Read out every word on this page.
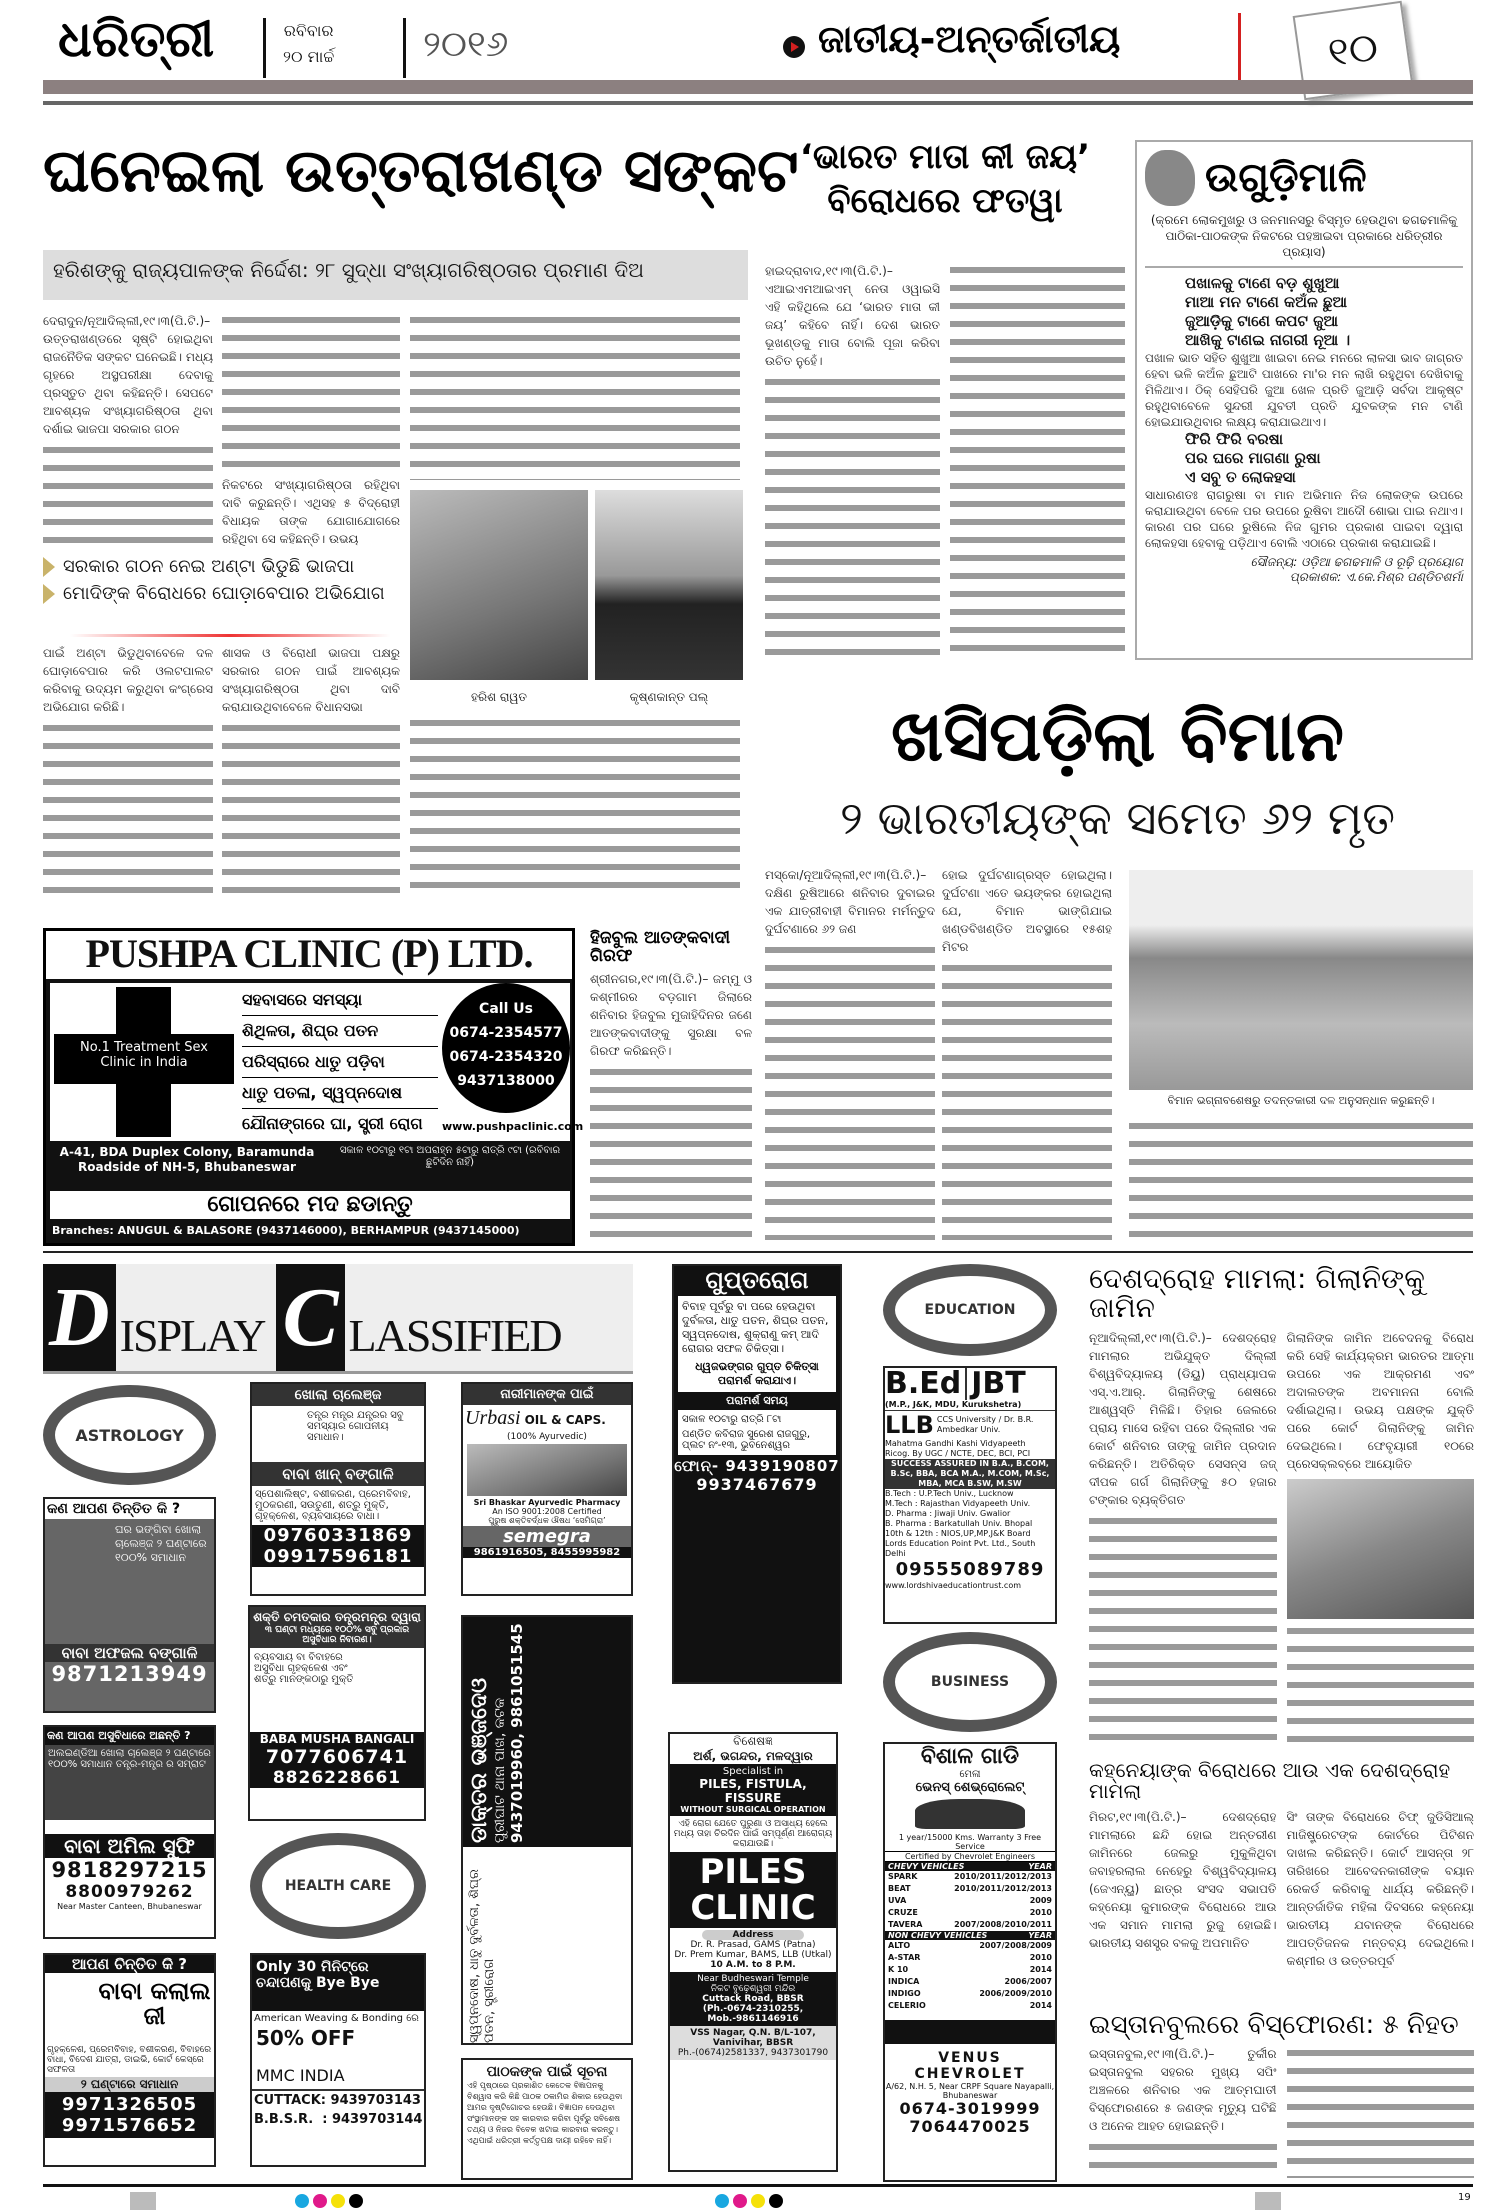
ଧରିତ୍ରୀ	ରବିବାର
୨୦ ମାର୍ଚ୍ଚ ୨୦୧୬	ଜାତୀୟ-ଅନ୍ତର୍ଜାତୀୟ	୧୦
ଘନେଇଲା ଉତ୍ତରାଖଣ୍ଡ ସଙ୍କଟ
ହରିଶଙ୍କୁ ରାଜ୍ୟପାଳଙ୍କ ନିର୍ଦ୍ଦେଶ: ୨୮ ସୁଦ୍ଧା ସଂଖ୍ୟାଗରିଷ୍ଠତାର ପ୍ରମାଣ ଦିଅ

ଦେରାଦୁନ/ନୂଆଦିଲ୍ଲୀ,୧୯।୩(ପି.ଟି.)– ଉତ୍ତରାଖଣ୍ଡରେ ସୃଷ୍ଟି ହୋଇଥିବା ରାଜନୈତିକ ସଙ୍କଟ ଘନେଇଛି। ମଧ୍ୟ ଗୃହରେ ଅସ୍ଥପରୀକ୍ଷା ଦେବାକୁ ପ୍ରସ୍ତୁତ ଥିବା କହିଛନ୍ତି। ସେପଟେ ଆବଶ୍ୟକ ସଂଖ୍ୟାଗରିଷ୍ଠତା ଥିବା ଦର୍ଶାଇ ଭାଜପା ସରକାର ଗଠନ

ନିକଟରେ ସଂଖ୍ୟାଗରିଷ୍ଠତା ରହିଥିବା ଦାବି କରୁଛନ୍ତି। ଏଥିସହ ୫ ବିଦ୍ରୋହୀ ବିଧାୟକ ତାଙ୍କ ଯୋଗାଯୋଗରେ ରହିଥିବା ସେ କହିଛନ୍ତି। ଉଭୟ

ସରକାର ଗଠନ ନେଇ ଅଣ୍ଟା ଭିଡୁଛି ଭାଜପା
ମୋଦିଙ୍କ ବିରୋଧରେ ଘୋଡ଼ାବେପାର ଅଭିଯୋଗ

ପାଇଁ ଅଣ୍ଟା ଭିଡୁଥିବାବେଳେ ଦଳ ଘୋଡ଼ାବେପାର କରି ଓଲଟପାଲଟ କରିବାକୁ ଉଦ୍ୟମ କରୁଥିବା କଂଗ୍ରେସ ଅଭିଯୋଗ କରିଛି।

ଶାସକ ଓ ବିରୋଧୀ ଭାଜପା ପକ୍ଷରୁ ସରକାର ଗଠନ ପାଇଁ ଆବଶ୍ୟକ ସଂଖ୍ୟାଗରିଷ୍ଠତା ଥିବା ଦାବି କରାଯାଉଥିବାବେଳେ ବିଧାନସଭା

ହରିଶ ରାୱତ	କୃଷ୍ଣକାନ୍ତ ପଲ୍
‘ଭାରତ ମାତା କୀ ଜୟ’
ବିରୋଧରେ ଫତୱା

ହାଇଦ୍ରାବାଦ,୧୯।୩(ପି.ଟି.)– ଏଆଇଏମଆଇଏମ୍ ନେତା ଓୱାଇସି ଏହି କହିଥିଲେ ଯେ ‘ଭାରତ ମାତା କୀ ଜୟ’ କହିବେ ନାହିଁ। ଦେଶ ଭାରତ ଭୂଖଣ୍ଡକୁ ମାତା ବୋଲି ପୂଜା କରିବା ଉଚିତ ନୁହେଁ।

ଉଗୁଡ଼ିମାଳି
(କ୍ରମେ ଲୋକମୁଖରୁ ଓ ଜନମାନସରୁ ବିସ୍ମୃତ ହେଉଥିବା ଢଗଢମାଳିକୁ ପାଠିକା-ପାଠକଙ୍କ ନିକଟରେ ପହଞ୍ଚାଇବା ପ୍ରକାରେ ଧରିତ୍ରୀର ପ୍ରୟାସ)
ପଖାଳକୁ ଟାଣେ ବଡ଼ ଶୁଖୁଆ
ମାଆ ମନ ଟାଣେ କଅଁଳ ଛୁଆ
ଜୁଆଡ଼ିକୁ ଟାଣେ କପଟ ଜୁଆ
ଆଖିକୁ ଟାଣଇ ନାଗରୀ ନୂଆ ।

ପଖାଳ ଭାତ ସହିତ ଶୁଖୁଆ ଖାଇବା ନେଇ ମନରେ ଲାଳସା ଭାବ ଜାଗ୍ରତ ହେବା ଭଳି କଅଁଳ ଛୁଆଟି ପାଖରେ ମା'ର ମନ ଲାଖି ରହୁଥିବା ଦେଖିବାକୁ ମିଳିଥାଏ। ଠିକ୍ ସେହିପରି ଜୁଆ ଖେଳ ପ୍ରତି ଜୁଆଡ଼ି ସର୍ବଦା ଆକୃଷ୍ଟ ରହୁଥିବାବେଳେ ସୁନ୍ଦରୀ ଯୁବତୀ ପ୍ରତି ଯୁବକଙ୍କ ମନ ଟାଣି ହୋଇଯାଉଥିବାର ଲକ୍ଷ୍ୟ କରାଯାଇଥାଏ।

ଫିରି ଫିରି ବରଷା
ପର ଘରେ ମାଗଣା ରୁଷା
ଏ ସବୁ ତ ଲୋକହସା

ସାଧାରଣତଃ ରାଗରୁଷା ବା ମାନ ଅଭିମାନ ନିଜ ଲୋକଙ୍କ ଉପରେ କରାଯାଉଥିବା ବେଳେ ପର ଉପରେ ରୁଷିବା ଆଦୌ ଶୋଭା ପାଇ ନଥାଏ। କାରଣ ପର ଘରେ ରୁଷିଲେ ନିଜ ଗୁମର ପ୍ରକାଶ ପାଇବା ଦ୍ୱାରା ଲୋକହସା ହେବାକୁ ପଡ଼ିଥାଏ ବୋଲି ଏଠାରେ ପ୍ରକାଶ କରାଯାଇଛି।

ସୌଜନ୍ୟ: ଓଡ଼ିଆ ଢଗଢମାଳି ଓ ରୂଢ଼ି ପ୍ରୟୋଗ
ପ୍ରକାଶକ: ଏ.କେ.ମିଶ୍ର ପଣ୍ଡିତଶର୍ମା
ଖସିପଡ଼ିଲା ବିମାନ
୨ ଭାରତୀୟଙ୍କ ସମେତ ୬୨ ମୃତ

ମସ୍କୋ/ନୂଆଦିଲ୍ଲୀ,୧୯।୩(ପି.ଟି.)– ଦକ୍ଷିଣ ରୁଷିଆରେ ଶନିବାର ଦୁବାଇର ଏକ ଯାତ୍ରୀବାହୀ ବିମାନର ମର୍ମନ୍ତୁଦ ଦୁର୍ଘଟଣାରେ ୬୨ ଜଣ

ହୋଇ ଦୁର୍ଘଟଣାଗ୍ରସ୍ତ ହୋଇଥିଲା। ଦୁର୍ଘଟଣା ଏତେ ଭୟଙ୍କର ହୋଇଥିଲା ଯେ, ବିମାନ ଭାଙ୍ଗିଯାଇ ଖଣ୍ଡବିଖଣ୍ଡିତ ଅବସ୍ଥାରେ ୧୫ଶହ ମିଟର

ବିମାନ ଭଗ୍ନାବଶେଷରୁ ତଦନ୍ତକାରୀ ଦଳ ଅନୁସନ୍ଧାନ କରୁଛନ୍ତି।
PUSHPA CLINIC (P) LTD.
No.1 Treatment Sex Clinic in India
ସହବାସରେ ସମସ୍ୟା
ଶିଥିଳତା, ଶିଘ୍ର ପତନ
ପରିସ୍ରାରେ ଧାତୁ ପଡ଼ିବା
ଧାତୁ ପତଳା, ସ୍ୱପ୍ନଦୋଷ
ଯୌନାଙ୍ଗରେ ଘା, ସ୍ତ୍ରୀ ରୋଗ
Call Us
0674-2354577
0674-2354320
9437138000
www.pushpaclinic.com
A-41, BDA Duplex Colony, Baramunda Roadside of NH-5, Bhubaneswar
ସକାଳ ୧୦ଟାରୁ ୧ଟା ଅପରାହ୍ନ ୫ଟାରୁ ରାତ୍ରି ୯ଟା (ରବିବାର ଛୁଟିଦିନ ନାହିଁ)
ଗୋପନରେ ମଦ ଛଡାନ୍ତୁ
Branches: ANUGUL & BALASORE (9437146000), BERHAMPUR (9437145000)
ହିଜବୁଲ ଆତଙ୍କବାଦୀ ଗିରଫ

ଶ୍ରୀନଗର,୧୯।୩(ପି.ଟି.)– ଜମ୍ମୁ ଓ କଶ୍ମୀରର ବଡ଼ଗାମ ଜିଲାରେ ଶନିବାର ହିଜବୁଲ ମୁଜାହିଦିନର ଜଣେ ଆତଙ୍କବାଦୀଙ୍କୁ ସୁରକ୍ଷା ବଳ ଗିରଫ କରିଛନ୍ତି।

D ISPLAY C LASSIFIED
ASTROLOGY
କଣ ଆପଣ ଚିନ୍ତିତ କି ?
ଘର ଭଙ୍ଗିବା ଖୋଲା ଚାଲେଞ୍ଜ ୨ ଘଣ୍ଟାରେ ୧୦୦% ସମାଧାନ
ବାବା ଅଫଜଲ ବଙ୍ଗାଳି
9871213949
କଣ ଆପଣ ଅସୁବିଧାରେ ଅଛନ୍ତି ?
ଅଲଇଣ୍ଡିଆ ଖୋଲା ଚାଲେଞ୍ଜ ୨ ଘଣ୍ଟାରେ ୧୦୦% ସମାଧାନ ତନ୍ତ୍ର-ମନ୍ତ୍ର ର ସମ୍ରାଟ
ବାବା ଅମିଲ ସୁଫି
9818297215
8800979262
Near Master Canteen, Bhubaneswar
ଆପଣ ଚିନ୍ତିତ କି ?
ବାବା କଲାଲ ଜୀ
ଗୃହକ୍ଳେଶ, ପ୍ରେମବିବାହ, ବଶୀକରଣ, ବିବାହରେ ବାଧା, ବିଦେଶ ଯାତ୍ରା, ଡାଇଭି, କୋର୍ଟ କେସ୍‌ରେ ସଫଳତା
୨ ଘଣ୍ଟାରେ ସମାଧାନ
9971326505
9971576652
ଖୋଲା ଚାଲେଞ୍ଜ
ତନ୍ତ୍ର ମନ୍ତ୍ର ଯନ୍ତ୍ରର ସବୁ ସମସ୍ୟାର ଗୋପନୀୟ ସମାଧାନ।
ବାବା ଖାନ୍ ବଙ୍ଗାଳି
ସ୍ପେଶାଲିଷ୍ଟ, ବଶୀକରଣ, ପ୍ରେମବିବାହ, ମୁଠକରଣୀ, ସଉତୁଣୀ, ଶତ୍ରୁ ମୁକ୍ତି, ଗୃହକ୍ଳେଶ, ବ୍ୟବସାୟରେ ବାଧା।
09760331869
09917596181
ଶକ୍ତି ଚମତ୍କାର ତନ୍ତ୍ରମନ୍ତ୍ର ଦ୍ୱାରା
୩ ଘଣ୍ଟା ମଧ୍ୟରେ ୧୦୦% ସବୁ ପ୍ରକାର ଅସୁବିଧାର ନିବାରଣ।
ବ୍ୟବସାୟ ବା ବିବାହରେ ଅସୁବିଧା ଗୃହକ୍ଳେଶ ଏବଂ ଶତ୍ରୁ ମାନଙ୍କଠାରୁ ମୁକ୍ତି
BABA MUSHA BANGALI
7077606741
8826228661
HEALTH CARE
Only 30 ମିନିଟ୍‌ରେ ଚନ୍ଦାପଣକୁ Bye Bye
American Weaving & Bonding ରେ
50% OFF
MMC INDIA
CUTTACK: 9439703143
B.B.S.R.  : 9439703144
ନାରୀମାନଙ୍କ ପାଇଁ
Urbasi OIL & CAPS.
(100% Ayurvedic)
Sri Bhaskar Ayurvedic Pharmacy
An ISO 9001:2008 Certified
ପୁରୁଷ ଶକ୍ତିବର୍ଦ୍ଧକ ଔଷଧ ‘ସେମିଗ୍ରା’
semegra
9861916505, 8455995982
ସ୍ୱପ୍ନଦୋଷ, ଧାତୁ ଦୁର୍ବଳତା, ଶିଘ୍ର ପତନ, ସ୍ତ୍ରୀରୋଗ
ଡାକ୍ତର ଭଞ୍ଜଦେଓ ପୁରୀଘାଟ ଥାନା ପାଖ, କଟକ 9437019960, 9861051545
ପାଠକଙ୍କ ପାଇଁ ସୂଚନା
ଏହି ପୃଷ୍ଠାରେ ପ୍ରକାଶିତ କେତେକ ବିଜ୍ଞାପନକୁ ବିଶ୍ୱାସ କରି କିଛି ପାଠକ ଠକାମିର ଶିକାର ହେଉଥିବା ଆମର ଦୃଷ୍ଟିଗୋଚର ହେଉଛି। ବିଜ୍ଞାପନ ଦେଉଥିବା ସଂସ୍ଥାମାନଙ୍କ ସହ କାରବାର କରିବା ପୂର୍ବରୁ ସବିଶେଷ ତଥ୍ୟ ଓ ନିଜର ବିବେକ ଖଟାଇ କାରବାର କରନ୍ତୁ। ଏଥିପାଇଁ ଧରିତ୍ରୀ କର୍ତ୍ତୃପକ୍ଷ ଦାୟୀ ରହିବେ ନାହିଁ।
ଗୁପ୍ତରୋଗ
ବିବାହ ପୂର୍ବରୁ ବା ପରେ ହେଉଥିବା ଦୁର୍ବଳତା, ଧାତୁ ପତନ, ଶିଘ୍ର ପତନ, ସ୍ୱପ୍ନଦୋଷ, ଶୁକ୍ରାଣୁ କମ୍ ଆଦି ରୋଗର ସଫଳ ଚିକିତ୍ସା।
ଧ୍ୱଜଭଙ୍ଗର ଗୁପ୍ତ ଚିକିତ୍ସା ପରାମର୍ଶ କରାଯାଏ।
ପରାମର୍ଶ ସମୟ
ସକାଳ ୧୦ଟାରୁ ରାତ୍ରି ୮ଟା
ପଣ୍ଡିତ କବିରାଜ ସୁରେଶ ରାଜଗୁରୁ, ପ୍ଲଟ ନଂ-୧୩, ଭୁବନେଶ୍ୱର
ଫୋନ୍- 9439190807
9937467679
ବିଶେଷଜ୍ଞ
ଅର୍ଶ, ଭଗନ୍ଦର, ମଳଦ୍ୱାର
Specialist in
PILES, FISTULA, FISSURE
WITHOUT SURGICAL OPERATION
ଏହି ରୋଗ ଯେତେ ପୁରୁଣା ଓ ଅସାଧ୍ୟ ହେଲେ ମଧ୍ୟ ତାହା ଚିରଦିନ ପାଇଁ ସମ୍ପୂର୍ଣ୍ଣ ଆରୋଗ୍ୟ କରାଯାଉଛି।
PILES
CLINIC
Address
Dr. R. Prasad, GAMS (Patna)
Dr. Prem Kumar, BAMS, LLB (Utkal)
10 A.M. to 8 P.M.
Near Budheswari Temple
ନିକଟ ବୁଢ଼େଶ୍ୱରୀ ମନ୍ଦିର
Cuttack Road, BBSR
(Ph.-0674-2310255, Mob.-9861146916
VSS Nagar, Q.N. B/L-107, Vanivihar, BBSR
Ph.-(0674)2581337, 9437301790
EDUCATION
B.Ed JBT
(M.P., J&K, MDU, Kurukshetra)
LLB CCS University / Dr. B.R. Ambedkar Univ.
Mahatma Gandhi Kashi Vidyapeeth
Ricog. By UGC / NCTE, DEC, BCI, PCI
SUCCESS ASSURED IN B.A., B.COM, B.Sc, BBA, BCA M.A., M.COM, M.Sc, MBA, MCA B.SW, M.SW
B.Tech : U.P.Tech Univ., Lucknow
M.Tech : Rajasthan Vidyapeeth Univ.
D. Pharma : Jiwaji Univ. Gwalior
B. Pharma : Barkatullah Univ. Bhopal
10th & 12th : NIOS,UP,MP,J&K Board
Lords Education Point Pvt. Ltd., South Delhi
09555089789
www.lordshivaeducationtrust.com
BUSINESS
ବିଶାଳ ଗାଡି
ମେଳା
ଭେନସ୍ ଶେଭ୍ରୋଲେଟ୍
1 year/15000 Kms. Warranty 3 Free Service
Certified by Chevrolet Engineers
CHEVY VEHICLES	YEAR
SPARK	2010/2011/2012/2013
BEAT	2010/2011/2012/2013
UVA	2009
CRUZE	2010
TAVERA	2007/2008/2010/2011
NON CHEVY VEHICLES	YEAR
ALTO	2007/2008/2009
A-STAR	2010
K 10	2014
INDICA	2006/2007
INDIGO	2006/2009/2010
CELERIO	2014
VENUS CHEVROLET
A/62, N.H. 5, Near CRPF Square Nayapalli, Bhubaneswar
0674-3019999
7064470025
ଦେଶଦ୍ରୋହ ମାମଲା: ଗିଲାନିଙ୍କୁ ଜାମିନ

ନୂଆଦିଲ୍ଲୀ,୧୯।୩(ପି.ଟି.)– ଦେଶଦ୍ରୋହ ମାମଲାର ଅଭିଯୁକ୍ତ ଦିଲ୍ଲୀ ବିଶ୍ୱବିଦ୍ୟାଳୟ (ଡିୟୁ) ପ୍ରାଧ୍ୟାପକ ଏସ୍.ଏ.ଆର୍. ଗିଲାନିଙ୍କୁ ଶେଷରେ ଆଶ୍ୱସ୍ତି ମିଳିଛି। ତିହାର ଜେଲରେ ପ୍ରାୟ ମାସେ ରହିବା ପରେ ଦିଲ୍ଲୀର ଏକ କୋର୍ଟ ଶନିବାର ତାଙ୍କୁ ଜାମିନ ପ୍ରଦାନ କରିଛନ୍ତି। ଅତିରିକ୍ତ ସେସନ୍ସ ଜଜ୍ ଦୀପକ ଗର୍ଗ ଗିଲାନିଙ୍କୁ ୫୦ ହଜାର ଟଙ୍କାର ବ୍ୟକ୍ତିଗତ

ଗିଲାନିଙ୍କ ଜାମିନ ଅବେଦନକୁ ବିରୋଧ କରି ସେହି କାର୍ଯ୍ୟକ୍ରମ ଭାରତର ଆତ୍ମା ଉପରେ ଏକ ଆକ୍ରମଣ ଏବଂ ଅଦାଲତଙ୍କ ଅବମାନନା ବୋଲି ଦର୍ଶାଇଥିଲା। ଉଭୟ ପକ୍ଷଙ୍କ ଯୁକ୍ତି ପରେ କୋର୍ଟ ଗିଲାନିଙ୍କୁ ଜାମିନ ଦେଇଥିଲେ। ଫେବୃୟାରୀ ୧୦ରେ ପ୍ରେସକ୍ଲବ୍‌ରେ ଆୟୋଜିତ

କହ୍ନେୟାଙ୍କ ବିରୋଧରେ ଆଉ ଏକ ଦେଶଦ୍ରୋହ ମାମଲା

ମିରଟ,୧୯।୩(ପି.ଟି.)– ଦେଶଦ୍ରୋହ ମାମଲାରେ ଛନ୍ଦି ହୋଇ ଅନ୍ତରୀଣ ଜାମିନରେ ଜେଲରୁ ମୁକୁଳିଥିବା ଜବାହରଲାଲ ନେହେରୁ ବିଶ୍ୱବିଦ୍ୟାଳୟ (ଜେଏନ୍‌ୟୁ) ଛାତ୍ର ସଂସଦ ସଭାପତି କହ୍ନେୟା କୁମାରଙ୍କ ବିରୋଧରେ ଆଉ ଏକ ସମାନ ମାମଲା ରୁଜୁ ହୋଇଛି। ଭାରତୀୟ ସଶସ୍ତ୍ର ବଳକୁ ଅପମାନିତ

ସିଂ ତାଙ୍କ ବିରୋଧରେ ଚିଫ୍ ଜୁଡିସିଆଲ୍ ମାଜିଷ୍ଟ୍ରେଟଙ୍କ କୋର୍ଟରେ ପିଟିଶନ ଦାଖଲ କରିଛନ୍ତି। କୋର୍ଟ ଆସନ୍ତା ୨୮ ତାରିଖରେ ଆବେଦନକାରୀଙ୍କ ବୟାନ ରେକର୍ଡ କରିବାକୁ ଧାର୍ଯ୍ୟ କରିଛନ୍ତି। ଆନ୍ତର୍ଜାତିକ ମହିଳା ଦିବସରେ କହ୍ନେୟା ଭାରତୀୟ ଯବାନଙ୍କ ବିରୋଧରେ ଆପତ୍ତିଜନକ ମନ୍ତବ୍ୟ ଦେଇଥିଲେ। କଶ୍ମୀର ଓ ଉତ୍ତରପୂର୍ବ

ଇସ୍ତାନବୁଲରେ ବିସ୍ଫୋରଣ: ୫ ନିହତ

ଇସ୍ତାନବୁଲ,୧୯।୩(ପି.ଟି.)– ତୁର୍କୀର ଇସ୍ତାନବୁଲ ସହରର ମୁଖ୍ୟ ସପିଂ ଅଞ୍ଚଳରେ ଶନିବାର ଏକ ଆତ୍ମଘାତୀ ବିସ୍ଫୋରଣରେ ୫ ଜଣଙ୍କ ମୃତ୍ୟୁ ଘଟିଛି ଓ ଅନେକ ଆହତ ହୋଇଛନ୍ତି।

19
